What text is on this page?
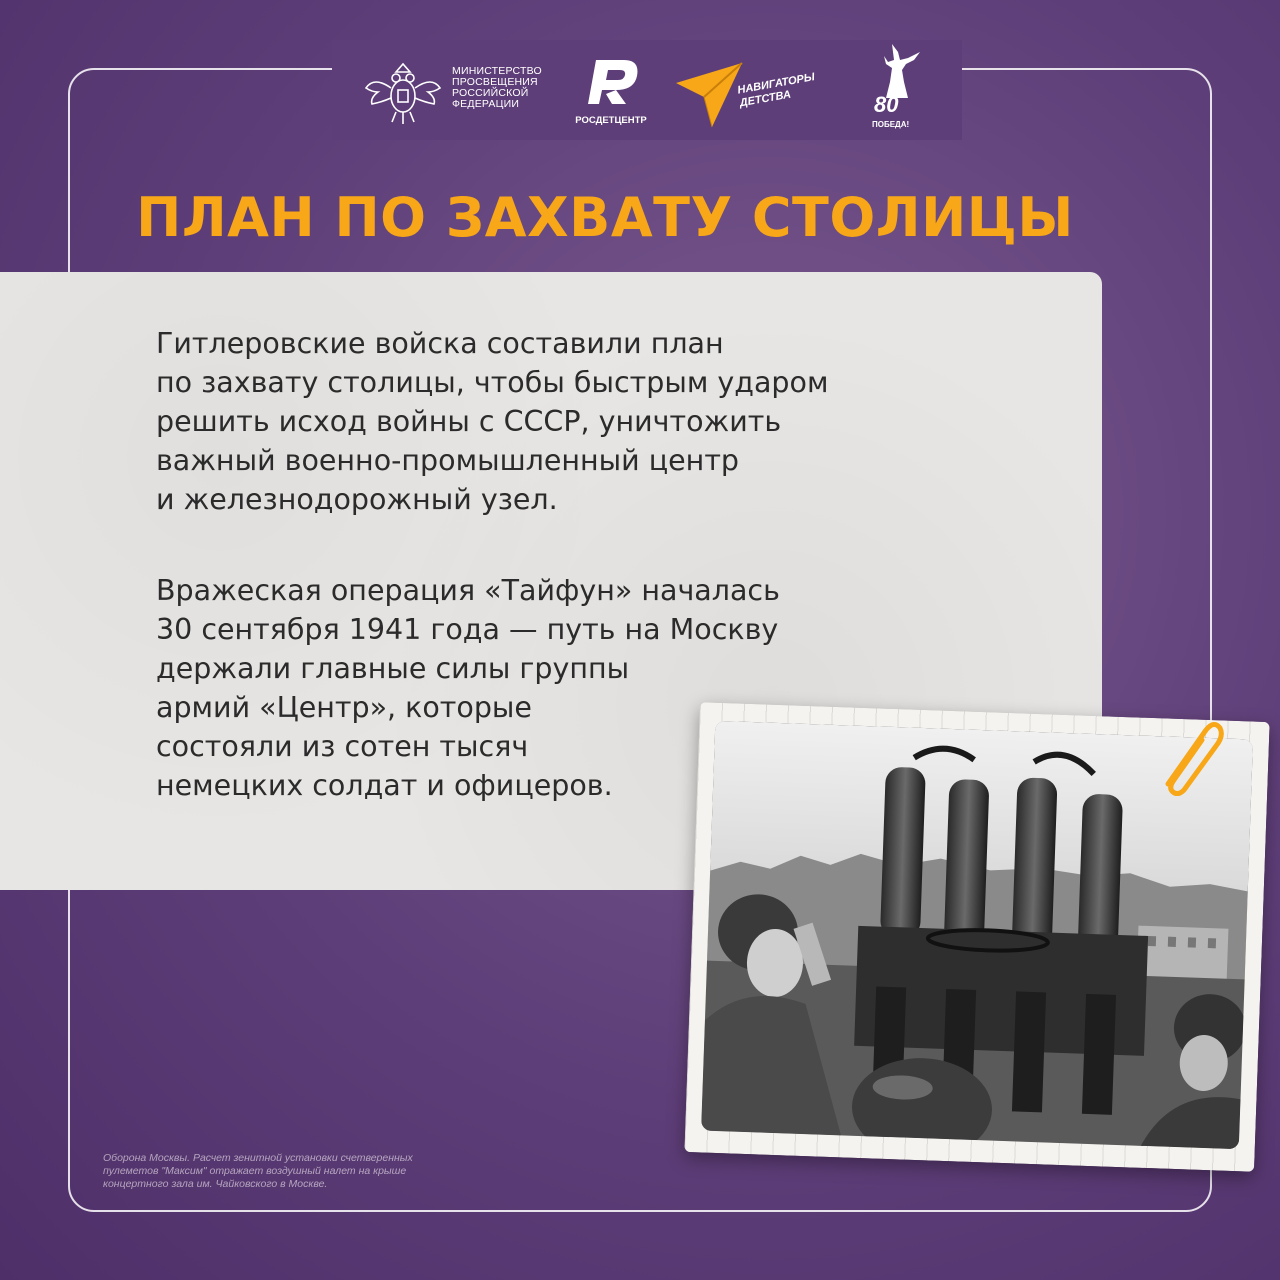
МИНИСТЕРСТВО
ПРОСВЕЩЕНИЯ
РОССИЙСКОЙ
ФЕДЕРАЦИИ
РОСДЕТЦЕНТР
НАВИГАТОРЫ
ДЕТСТВА	80
ПОБЕДА!
ПЛАН ПО ЗАХВАТУ СТОЛИЦЫ

Гитлеровские войска составили план
по захвату столицы, чтобы быстрым ударом
решить исход войны с СССР, уничтожить
важный военно-промышленный центр
и железнодорожный узел.

Вражеская операция «Тайфун» началась
30 сентября 1941 года — путь на Москву
держали главные силы группы
армий «Центр», которые
состояли из сотен тысяч
немецких солдат и офицеров.

Оборона Москвы. Расчет зенитной установки счетверенных
пулеметов "Максим" отражает воздушный налет на крыше
концертного зала им. Чайковского в Москве.
